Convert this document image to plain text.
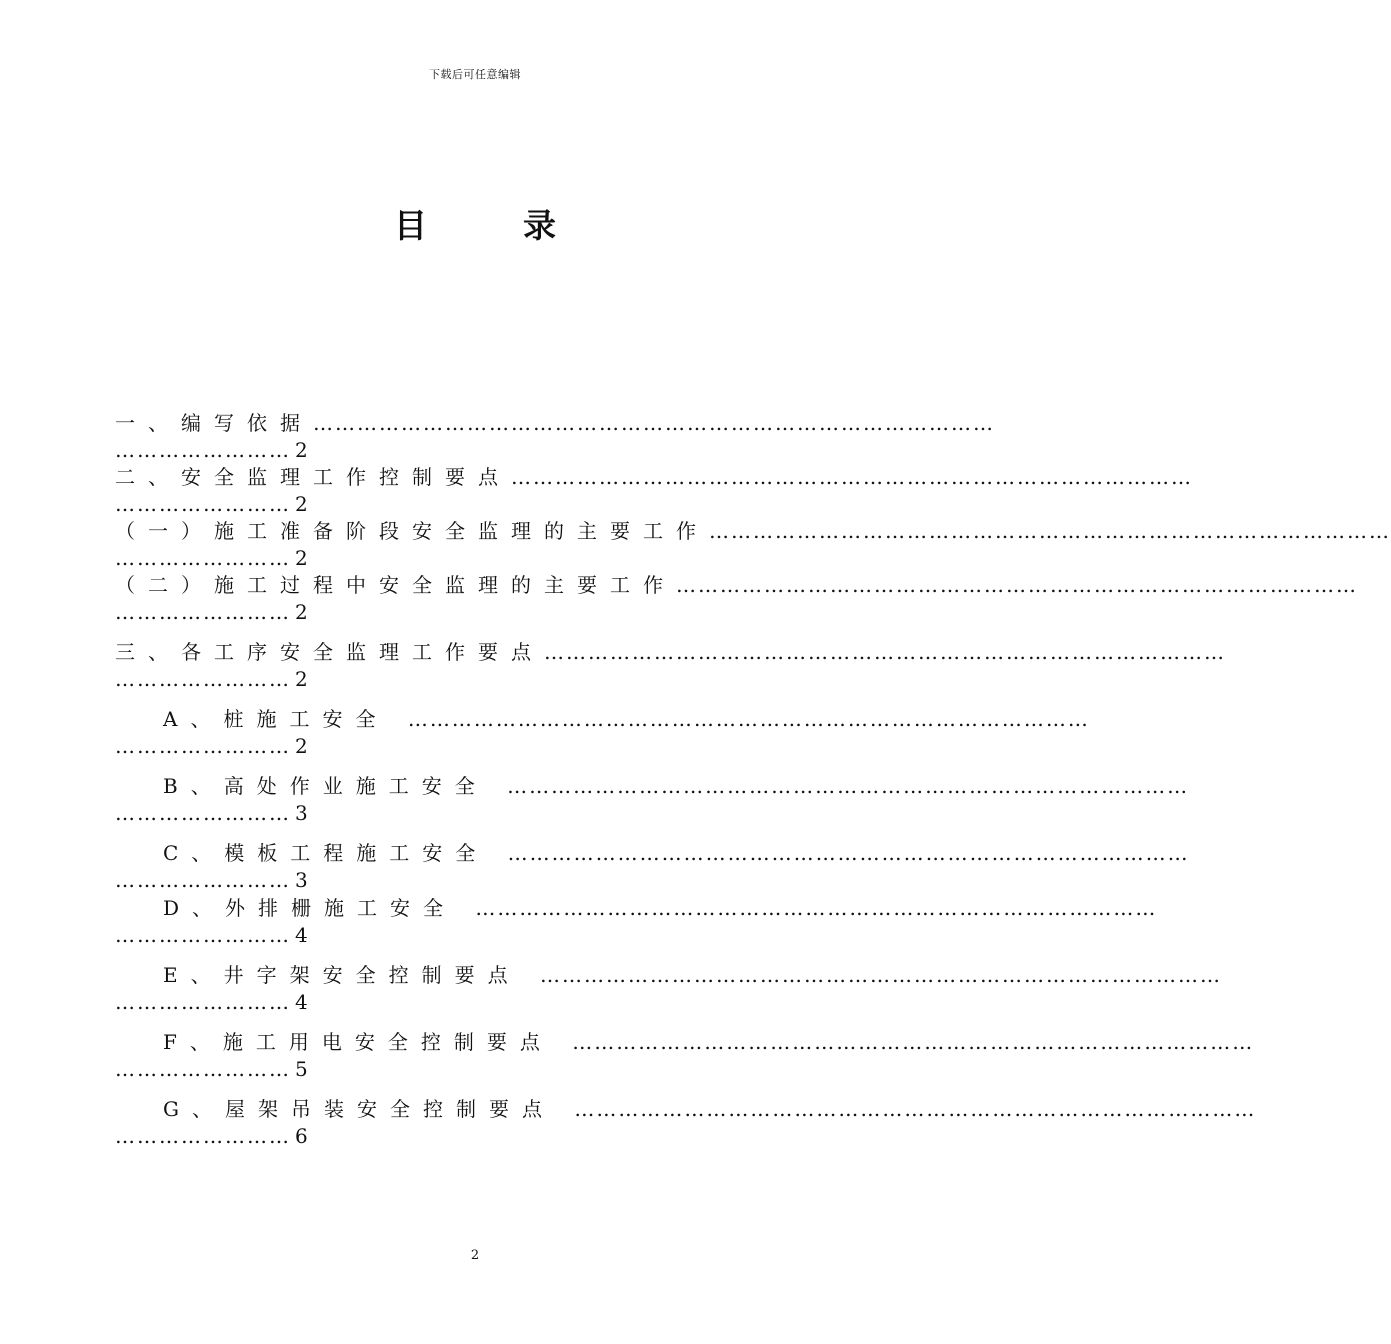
下载后可任意编辑
目	录
一、编写依据…………………………………………………………………………………
…………………… 2
二、安全监理工作控制要点…………………………………………………………………………………
…………………… 2
（一）施工准备阶段安全监理的主要工作…………………………………………………………………………………
…………………… 2
（二）施工过程中安全监理的主要工作…………………………………………………………………………………
…………………… 2
三、各工序安全监理工作要点…………………………………………………………………………………
…………………… 2
A、桩施工安全 …………………………………………………………………………………
…………………… 2
B、高处作业施工安全 …………………………………………………………………………………
…………………… 3
C、模板工程施工安全 …………………………………………………………………………………
…………………… 3
D、外排栅施工安全 …………………………………………………………………………………
…………………… 4
E、井字架安全控制要点 …………………………………………………………………………………
…………………… 4
F、施工用电安全控制要点 …………………………………………………………………………………
…………………… 5
G、屋架吊装安全控制要点 …………………………………………………………………………………
…………………… 6
2
